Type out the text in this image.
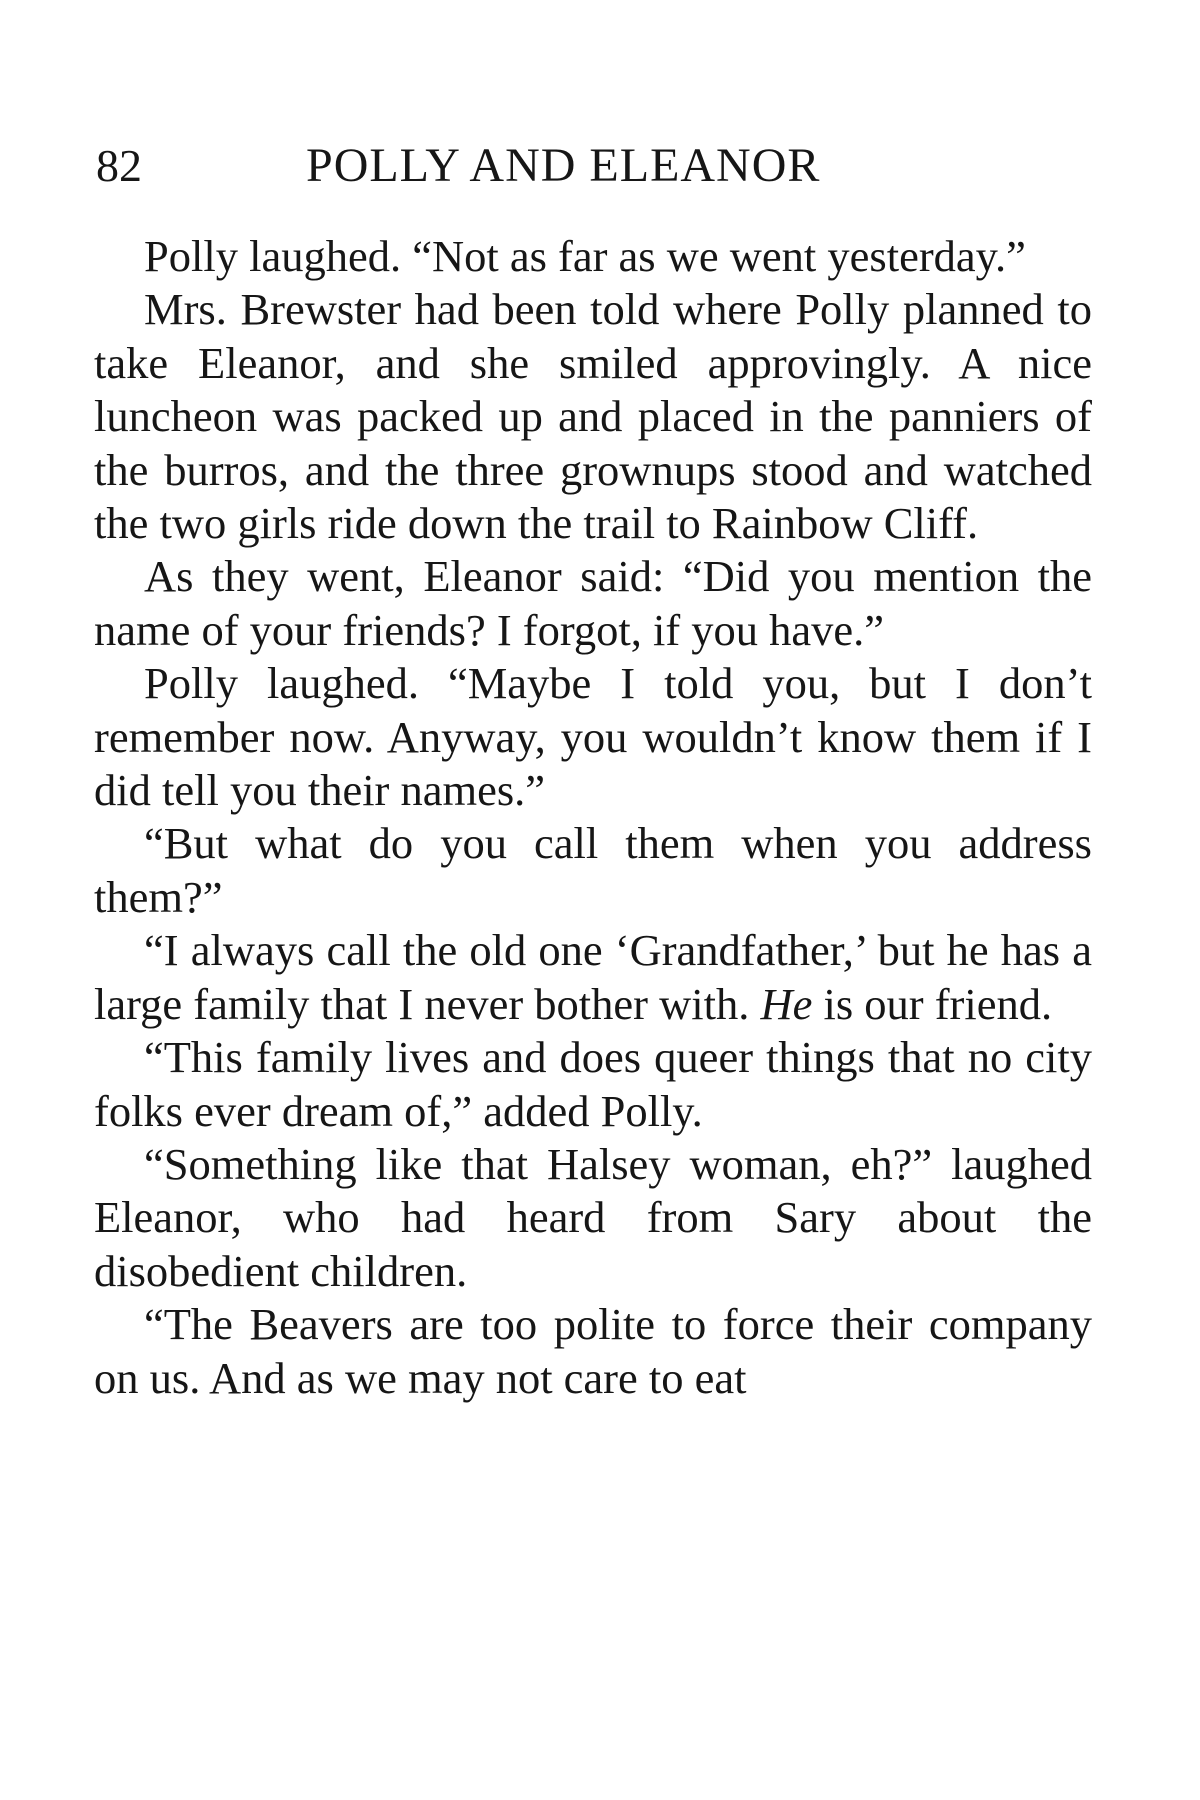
82	POLLY AND ELEANOR

Polly laughed. “Not as far as we went yesterday.”

Mrs. Brewster had been told where Polly planned to take Eleanor, and she smiled approvingly. A nice luncheon was packed up and placed in the panniers of the burros, and the three grownups stood and watched the two girls ride down the trail to Rainbow Cliff.

As they went, Eleanor said: “Did you mention the name of your friends? I forgot, if you have.”

Polly laughed. “Maybe I told you, but I don’t remember now. Anyway, you wouldn’t know them if I did tell you their names.”

“But what do you call them when you address them?”

“I always call the old one ‘Grandfather,’ but he has a large family that I never bother with. He is our friend.

“This family lives and does queer things that no city folks ever dream of,” added Polly.

“Something like that Halsey woman, eh?” laughed Eleanor, who had heard from Sary about the disobedient children.

“The Beavers are too polite to force their company on us. And as we may not care to eat
